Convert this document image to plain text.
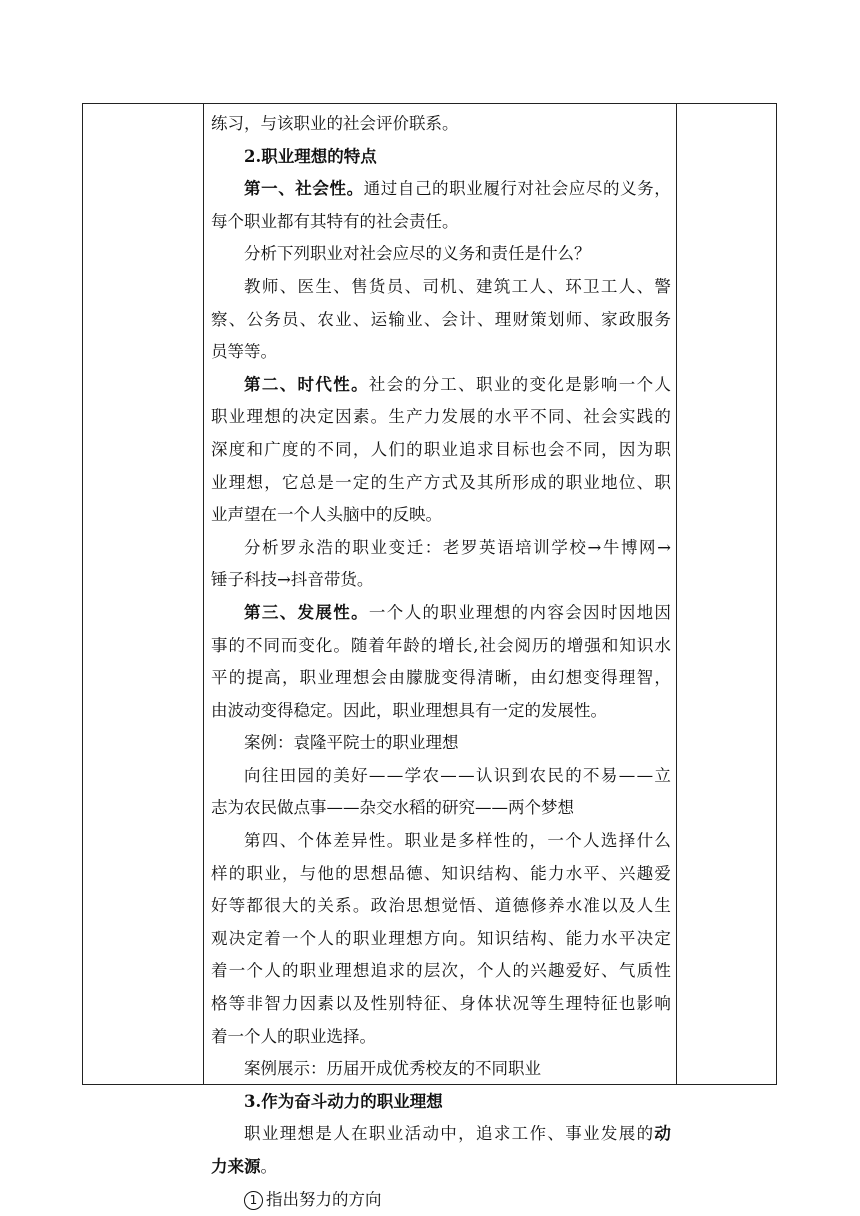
练习，与该职业的社会评价联系。
2.职业理想的特点
第 一 、 社 会 性 。 通 过 自 己 的 职 业 履 行 对 社 会 应 尽 的 义 务 ，
每个职业都有其特有的社会责任。
分析下列职业对社会应尽的义务和责任是什么？
教 师 、 医 生 、 售 货 员 、 司 机 、 建 筑 工 人 、 环 卫 工 人 、 警
察 、 公 务 员 、 农 业 、 运 输 业 、 会 计 、 理 财 策 划 师 、 家 政 服 务
员等等。
第 二 、 时 代 性 。 社 会 的 分 工 、 职 业 的 变 化 是 影 响 一 个 人
职 业 理 想 的 决 定 因 素 。 生 产 力 发 展 的 水 平 不 同 、 社 会 实 践 的
深 度 和 广 度 的 不 同 ， 人 们 的 职 业 追 求 目 标 也 会 不 同 ， 因 为 职
业 理 想 ， 它 总 是 一 定 的 生 产 方 式 及 其 所 形 成 的 职 业 地 位 、 职
业声望在一个人头脑中的反映。
分 析 罗 永 浩 的 职 业 变 迁 ： 老 罗 英 语 培 训 学 校 → 牛 博 网 →
锤子科技→抖音带货。
第 三 、 发 展 性 。 一 个 人 的 职 业 理 想 的 内 容 会 因 时 因 地 因
事 的 不 同 而 变 化 。 随 着 年 龄 的 增 长 , 社 会 阅 历 的 增 强 和 知 识 水
平 的 提 高 ， 职 业 理 想 会 由 朦 胧 变 得 清 晰 ， 由 幻 想 变 得 理 智 ，
由波动变得稳定。因此，职业理想具有一定的发展性。
案例：袁隆平院士的职业理想
向 往 田 园 的 美 好 — — 学 农 — — 认 识 到 农 民 的 不 易 — — 立
志为农民做点事——杂交水稻的研究——两个梦想
第 四 、 个 体 差 异 性 。 职 业 是 多 样 性 的 ， 一 个 人 选 择 什 么
样 的 职 业 ， 与 他 的 思 想 品 德 、 知 识 结 构 、 能 力 水 平 、 兴 趣 爱
好 等 都 很 大 的 关 系 。 政 治 思 想 觉 悟 、 道 德 修 养 水 准 以 及 人 生
观 决 定 着 一 个 人 的 职 业 理 想 方 向 。 知 识 结 构 、 能 力 水 平 决 定
着 一 个 人 的 职 业 理 想 追 求 的 层 次 ， 个 人 的 兴 趣 爱 好 、 气 质 性
格 等 非 智 力 因 素 以 及 性 别 特 征 、 身 体 状 况 等 生 理 特 征 也 影 响
着一个人的职业选择。
案例展示：历届开成优秀校友的不同职业
3.作为奋斗动力的职业理想
职 业 理 想 是 人 在 职 业 活 动 中 ， 追 求 工 作 、 事 业 发 展 的 动
力来源。
1 指出努力的方向
